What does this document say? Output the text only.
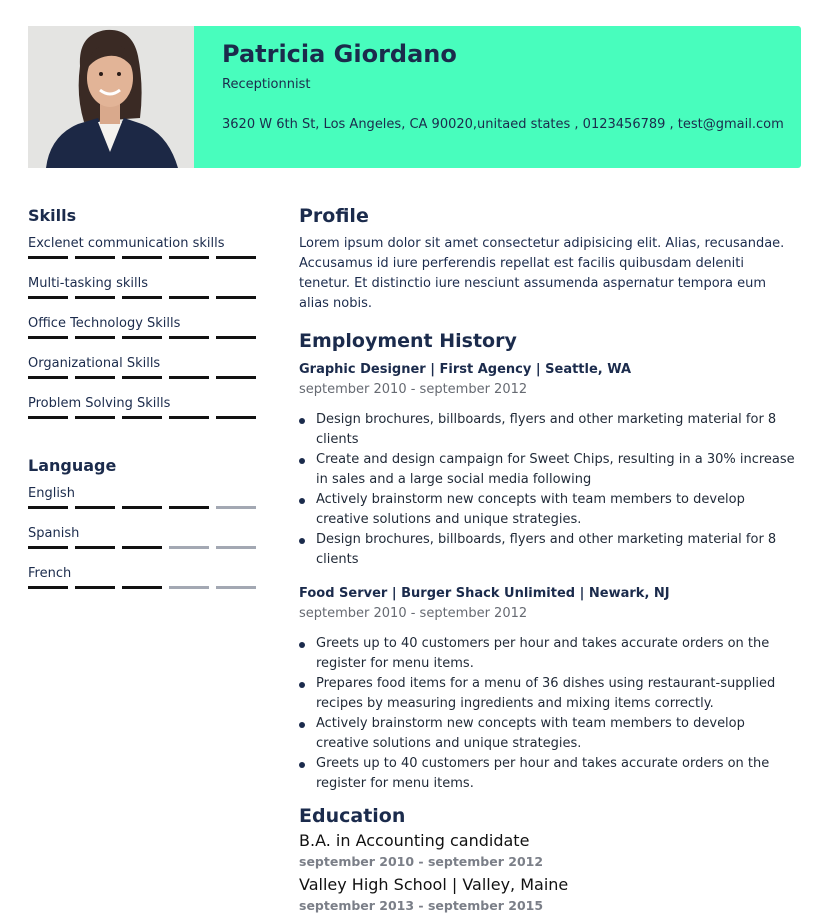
Patricia Giordano
Receptionnist
3620 W 6th St, Los Angeles, CA 90020,unitaed states , 0123456789 , test@gmail.com
Skills
Exclenet communication skills
Multi-tasking skills
Office Technology Skills
Organizational Skills
Problem Solving Skills
Language
English
Spanish
French
Profile
Lorem ipsum dolor sit amet consectetur adipisicing elit. Alias, recusandae. Accusamus id iure perferendis repellat est facilis quibusdam deleniti tenetur. Et distinctio iure nesciunt assumenda aspernatur tempora eum alias nobis.
Employment History
Graphic Designer | First Agency | Seattle, WA
september 2010 - september 2012
Design brochures, billboards, flyers and other marketing material for 8 clients
Create and design campaign for Sweet Chips, resulting in a 30% increase in sales and a large social media following
Actively brainstorm new concepts with team members to develop creative solutions and unique strategies.
Design brochures, billboards, flyers and other marketing material for 8 clients
Food Server | Burger Shack Unlimited | Newark, NJ
september 2010 - september 2012
Greets up to 40 customers per hour and takes accurate orders on the register for menu items.
Prepares food items for a menu of 36 dishes using restaurant-supplied recipes by measuring ingredients and mixing items correctly.
Actively brainstorm new concepts with team members to develop creative solutions and unique strategies.
Greets up to 40 customers per hour and takes accurate orders on the register for menu items.
Education
B.A. in Accounting candidate
september 2010 - september 2012
Valley High School | Valley, Maine
september 2013 - september 2015
